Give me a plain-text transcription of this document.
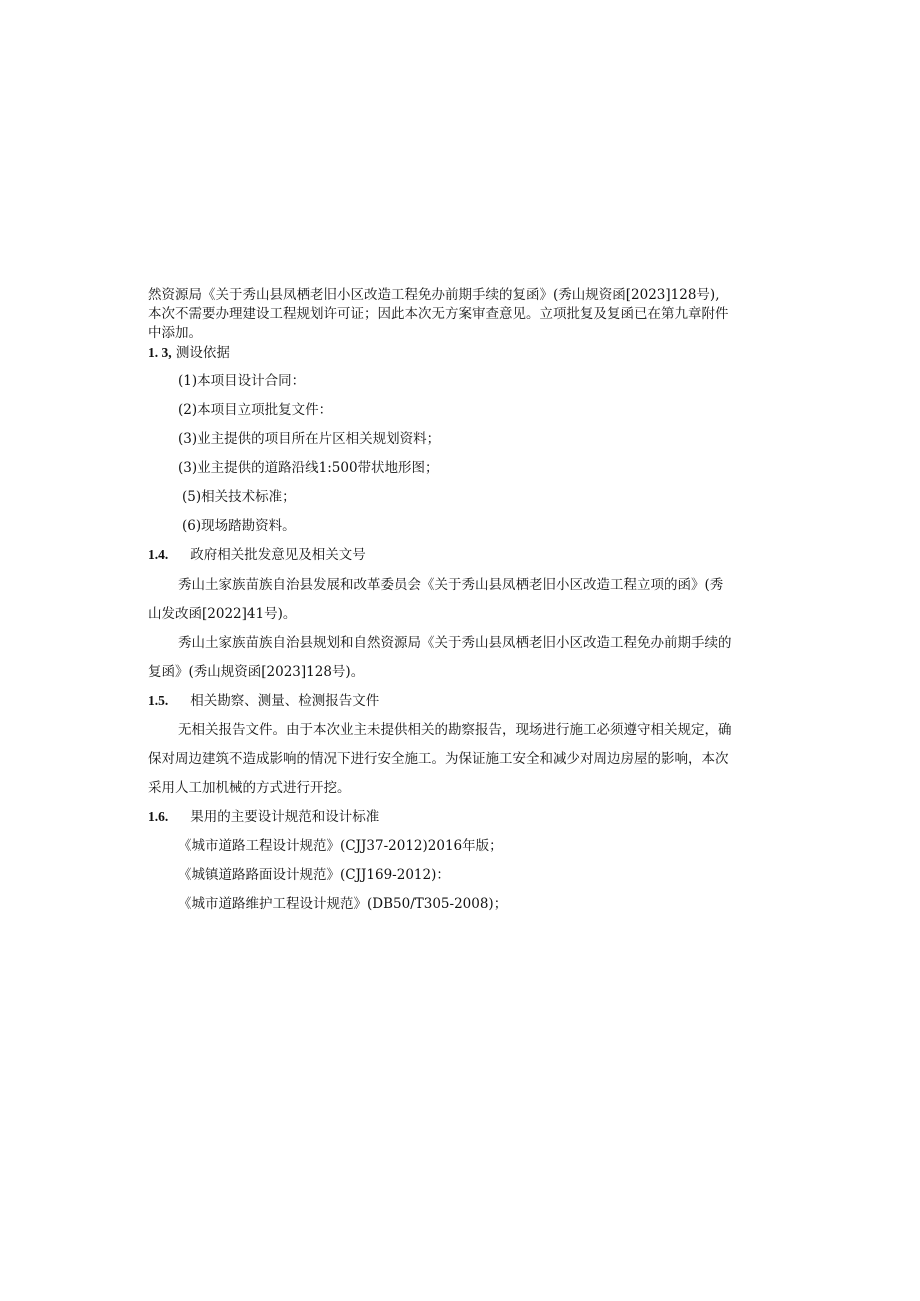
然资源局《关于秀山县凤栖老旧小区改造工程免办前期手续的复函》(秀山规资函[2023]128号),
本次不需要办理建设工程规划许可证；因此本次无方案审查意见。立项批复及复函已在第九章附件
中添加。
1. 3, 测设依据
(1)本项目设计合同：
(2)本项目立项批复文件：
(3)业主提供的项目所在片区相关规划资料；
(3)业主提供的道路沿线1:500带状地形图；
(5)相关技术标准；
(6)现场踏勘资料。
1.4. 政府相关批发意见及相关文号
秀山土家族苗族自治县发展和改革委员会《关于秀山县凤栖老旧小区改造工程立项的函》(秀
山发改函[2022]41号)。
秀山土家族苗族自治县规划和自然资源局《关于秀山县凤栖老旧小区改造工程免办前期手续的
复函》(秀山规资函[2023]128号)。
1.5. 相关勘察、测量、检测报告文件
无相关报告文件。由于本次业主未提供相关的勘察报告，现场进行施工必须遵守相关规定，确
保对周边建筑不造成影响的情况下进行安全施工。为保证施工安全和减少对周边房屋的影响，本次
采用人工加机械的方式进行开挖。
1.6. 果用的主要设计规范和设计标准
《城市道路工程设计规范》(CJJ37-2012)2016年版；
《城镇道路路面设计规范》(CJJ169-2012)：
《城市道路维护工程设计规范》(DB50/T305-2008)；
